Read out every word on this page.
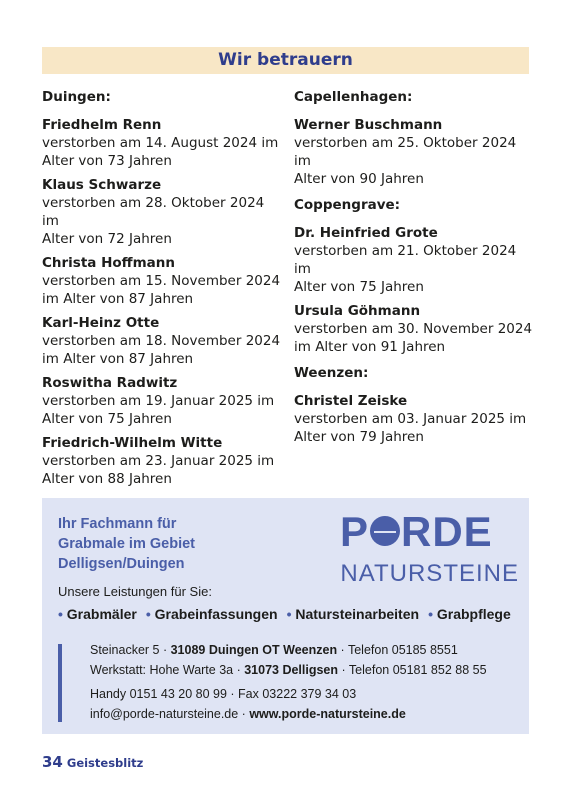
Wir betrauern
Duingen:
Friedhelm Renn
verstorben am 14. August 2024 im
Alter von 73 Jahren
Klaus Schwarze
verstorben am 28. Oktober 2024 im
Alter von 72 Jahren
Christa Hoffmann
verstorben am 15. November 2024
im Alter von 87 Jahren
Karl-Heinz Otte
verstorben am 18. November 2024
im Alter von 87 Jahren
Roswitha Radwitz
verstorben am 19. Januar 2025 im
Alter von 75 Jahren
Friedrich-Wilhelm Witte
verstorben am 23. Januar 2025 im
Alter von 88 Jahren
Capellenhagen:
Werner Buschmann
verstorben am 25. Oktober 2024 im
Alter von 90 Jahren
Coppengrave:
Dr. Heinfried Grote
verstorben am 21. Oktober 2024 im
Alter von 75 Jahren
Ursula Göhmann
verstorben am 30. November 2024
im Alter von 91 Jahren
Weenzen:
Christel Zeiske
verstorben am 03. Januar 2025 im
Alter von 79 Jahren
Ihr Fachmann für
Grabmale im Gebiet
Delligsen/Duingen
P RDE
NATURSTEINE
Unsere Leistungen für Sie:
• Grabmäler • Grabeinfassungen • Natursteinarbeiten • Grabpflege
Steinacker 5 · 31089 Duingen OT Weenzen · Telefon 05185 8551
Werkstatt: Hohe Warte 3a · 31073 Delligsen · Telefon 05181 852 88 55
Handy 0151 43 20 80 99 · Fax 03222 379 34 03
info@porde-natursteine.de · www.porde-natursteine.de
34 Geistesblitz
